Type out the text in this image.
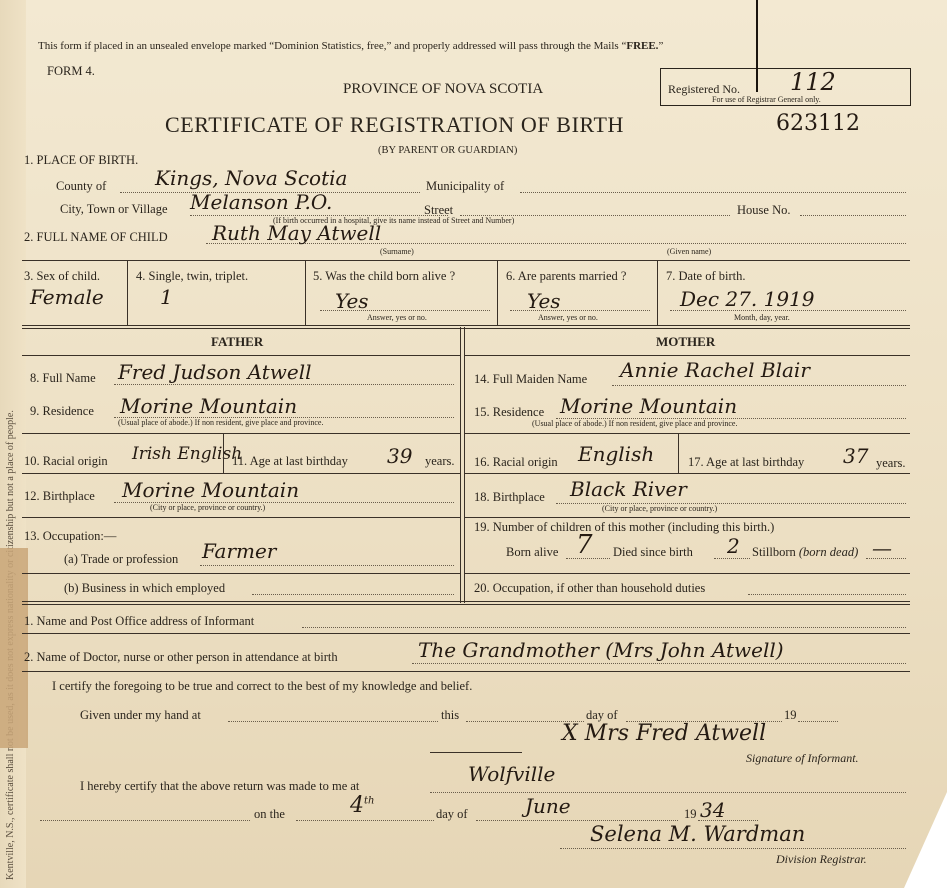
This form if placed in an unsealed envelope marked “Dominion Statistics, free,” and properly addressed will pass through the Mails “FREE.”
FORM 4.
PROVINCE OF NOVA SCOTIA
CERTIFICATE OF REGISTRATION OF BIRTH	623112
(BY PARENT OR GUARDIAN)
Registered No. 112
For use of Registrar General only.
1. PLACE OF BIRTH.
County of Kings, Nova Scotia	Municipality of
City, Town or Village Melanson P.O.	Street	House No.
(If birth occurred in a hospital, give its name instead of Street and Number)
2. FULL NAME OF CHILD Ruth May Atwell
(Surname)	(Given name)
3. Sex of child.
Female
4. Single, twin, triplet.
1
5. Was the child born alive ?
Yes
Answer, yes or no.
6. Are parents married ?
Yes
Answer, yes or no.
7. Date of birth.
Dec 27. 1919
Month, day, year.
FATHER
8. Full Name Fred Judson Atwell
9. Residence Morine Mountain
(Usual place of abode.) If non resident, give place and province.
10. Racial origin Irish English
11. Age at last birthday 39 years.
12. Birthplace Morine Mountain
(City or place, province or country.)
13. Occupation:—
(a) Trade or profession Farmer
(b) Business in which employed
MOTHER
14. Full Maiden Name Annie Rachel Blair
15. Residence Morine Mountain
(Usual place of abode.) If non resident, give place and province.
16. Racial origin English	17. Age at last birthday 37 years.
18. Birthplace Black River
(City or place, province or country.)
19. Number of children of this mother (including this birth.)
Born alive 7 Died since birth 2 Stillborn (born dead) —
20. Occupation, if other than household duties
1. Name and Post Office address of Informant
2. Name of Doctor, nurse or other person in attendance at birth	The Grandmother (Mrs John Atwell)
I certify the foregoing to be true and correct to the best of my knowledge and belief.
Given under my hand at	this	day of	19
X Mrs Fred Atwell
Signature of Informant.
I hereby certify that the above return was made to me at	Wolfville
on the	4th
day of	June	19 34
Selena M. Wardman
Division Registrar.
